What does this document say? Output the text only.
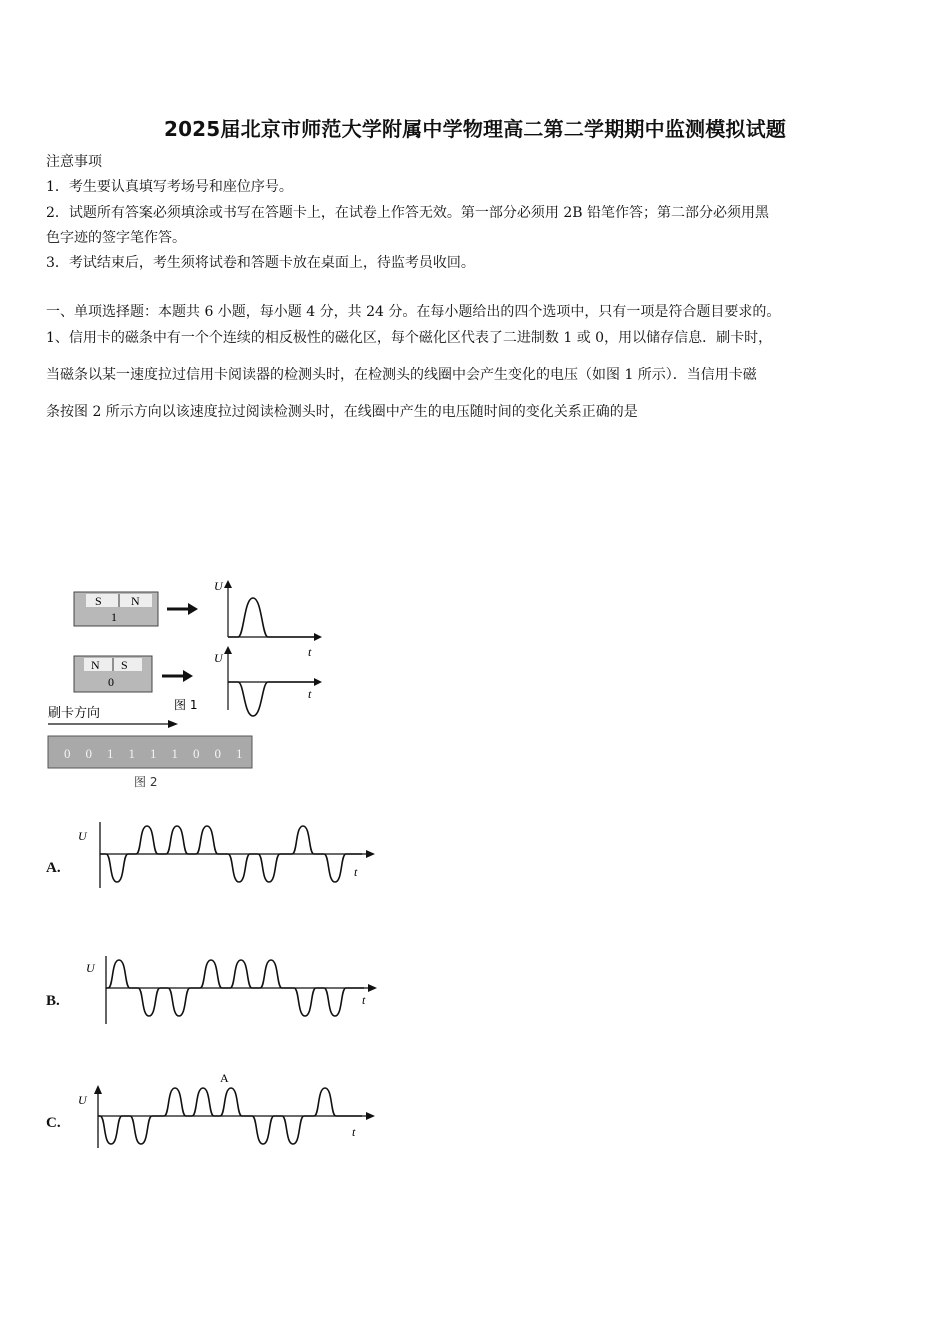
2025届北京市师范大学附属中学物理高二第二学期期中监测模拟试题
注意事项
1．考生要认真填写考场号和座位序号。
2．试题所有答案必须填涂或书写在答题卡上，在试卷上作答无效。第一部分必须用 2B 铅笔作答；第二部分必须用黑
色字迹的签字笔作答。
3．考试结束后，考生须将试卷和答题卡放在桌面上，待监考员收回。
一、单项选择题：本题共 6 小题，每小题 4 分，共 24 分。在每小题给出的四个选项中，只有一项是符合题目要求的。
1、信用卡的磁条中有一个个连续的相反极性的磁化区，每个磁化区代表了二进制数 1 或 0，用以储存信息．刷卡时，
当磁条以某一速度拉过信用卡阅读器的检测头时，在检测头的线圈中会产生变化的电压（如图 1 所示）．当信用卡磁
条按图 2 所示方向以该速度拉过阅读检测头时，在线圈中产生的电压随时间的变化关系正确的是
S N
1
U
t
N S
0
U
t
图 1
刷卡方向
0 0 1 1 1 1 0 0 1
图 2
A.
U
t
B.
U
t
C.
U
A
t
